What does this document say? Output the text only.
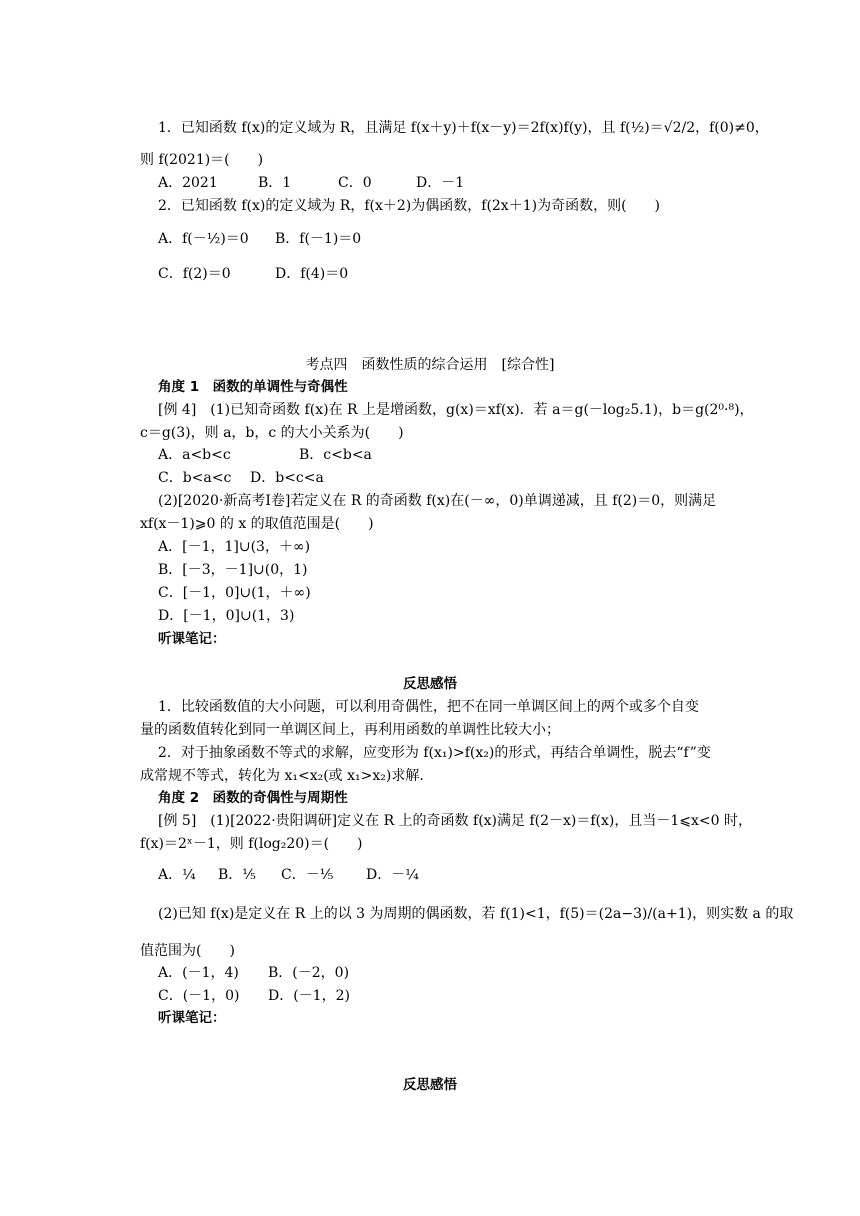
1．已知函数 f(x)的定义域为 R，且满足 f(x＋y)＋f(x－y)＝2f(x)f(y)，且 f(½)＝√2/2，f(0)≠0，
则 f(2021)＝(　　)
A．2021	B．1	C．0	D．－1
2．已知函数 f(x)的定义域为 R，f(x＋2)为偶函数，f(2x＋1)为奇函数，则(　　)
A．f(－½)＝0 B．f(－1)＝0
C．f(2)＝0	D．f(4)＝0
考点四　函数性质的综合运用　[综合性]
角度 1　函数的单调性与奇偶性
[例 4]　(1)已知奇函数 f(x)在 R 上是增函数，g(x)＝xf(x)．若 a＝g(－log₂5.1)，b＝g(2⁰·⁸)，
c＝g(3)，则 a，b，c 的大小关系为(　　)
A．a<b<c	B．c<b<a
C．b<a<c D．b<c<a
(2)[2020·新高考Ⅰ卷]若定义在 R 的奇函数 f(x)在(－∞，0)单调递减，且 f(2)＝0，则满足
xf(x－1)⩾0 的 x 的取值范围是(　　)
A．[－1，1]∪(3，＋∞)
B．[－3，－1]∪(0，1)
C．[－1，0]∪(1，＋∞)
D．[－1，0]∪(1，3)
听课笔记：
反思感悟
1．比较函数值的大小问题，可以利用奇偶性，把不在同一单调区间上的两个或多个自变
量的函数值转化到同一单调区间上，再利用函数的单调性比较大小；
2．对于抽象函数不等式的求解，应变形为 f(x₁)>f(x₂)的形式，再结合单调性，脱去“f”变
成常规不等式，转化为 x₁<x₂(或 x₁>x₂)求解.
角度 2　函数的奇偶性与周期性
[例 5]　(1)[2022·贵阳调研]定义在 R 上的奇函数 f(x)满足 f(2－x)＝f(x)，且当－1⩽x<0 时，
f(x)＝2ˣ－1，则 f(log₂20)＝(　　)
A．¼ B．⅕ C．－⅕ D．－¼
(2)已知 f(x)是定义在 R 上的以 3 为周期的偶函数，若 f(1)<1，f(5)＝(2a−3)/(a+1)，则实数 a 的取
值范围为(　　)
A．(－1，4) B．(－2，0)
C．(－1，0) D．(－1，2)
听课笔记：
反思感悟
